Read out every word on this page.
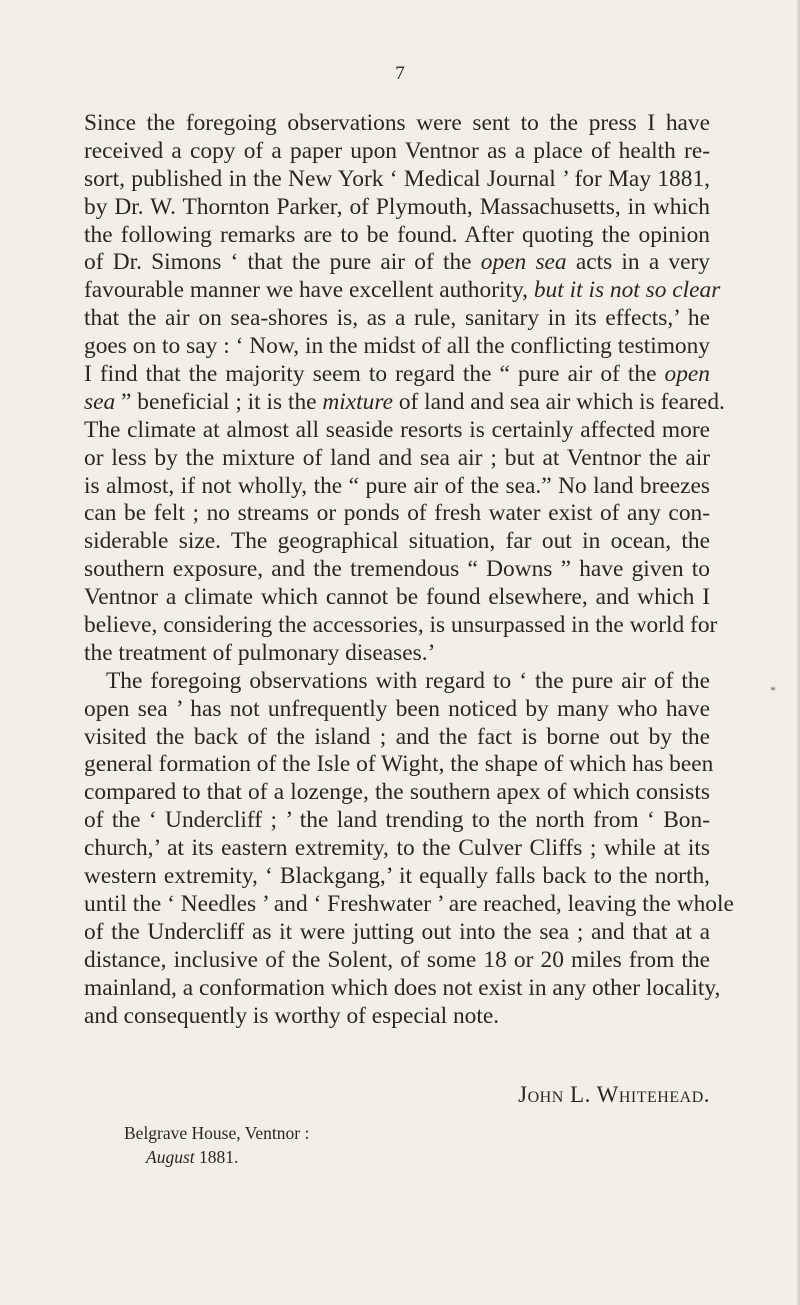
7
Since the foregoing observations were sent to the press I have
received a copy of a paper upon Ventnor as a place of health re-
sort, published in the New York ‘ Medical Journal ’ for May 1881,
by Dr. W. Thornton Parker, of Plymouth, Massachusetts, in which
the following remarks are to be found. After quoting the opinion
of Dr. Simons ‘ that the pure air of the open sea acts in a very
favourable manner we have excellent authority, but it is not so clear
that the air on sea-shores is, as a rule, sanitary in its effects,’ he
goes on to say : ‘ Now, in the midst of all the conflicting testimony
I find that the majority seem to regard the “ pure air of the open
sea ” beneficial ; it is the mixture of land and sea air which is feared.
The climate at almost all seaside resorts is certainly affected more
or less by the mixture of land and sea air ; but at Ventnor the air
is almost, if not wholly, the “ pure air of the sea.” No land breezes
can be felt ; no streams or ponds of fresh water exist of any con-
siderable size. The geographical situation, far out in ocean, the
southern exposure, and the tremendous “ Downs ” have given to
Ventnor a climate which cannot be found elsewhere, and which I
believe, considering the accessories, is unsurpassed in the world for
the treatment of pulmonary diseases.’
The foregoing observations with regard to ‘ the pure air of the
open sea ’ has not unfrequently been noticed by many who have
visited the back of the island ; and the fact is borne out by the
general formation of the Isle of Wight, the shape of which has been
compared to that of a lozenge, the southern apex of which consists
of the ‘ Undercliff ; ’ the land trending to the north from ‘ Bon-
church,’ at its eastern extremity, to the Culver Cliffs ; while at its
western extremity, ‘ Blackgang,’ it equally falls back to the north,
until the ‘ Needles ’ and ‘ Freshwater ’ are reached, leaving the whole
of the Undercliff as it were jutting out into the sea ; and that at a
distance, inclusive of the Solent, of some 18 or 20 miles from the
mainland, a conformation which does not exist in any other locality,
and consequently is worthy of especial note.
John L. Whitehead.
Belgrave House, Ventnor :
August 1881.
*
